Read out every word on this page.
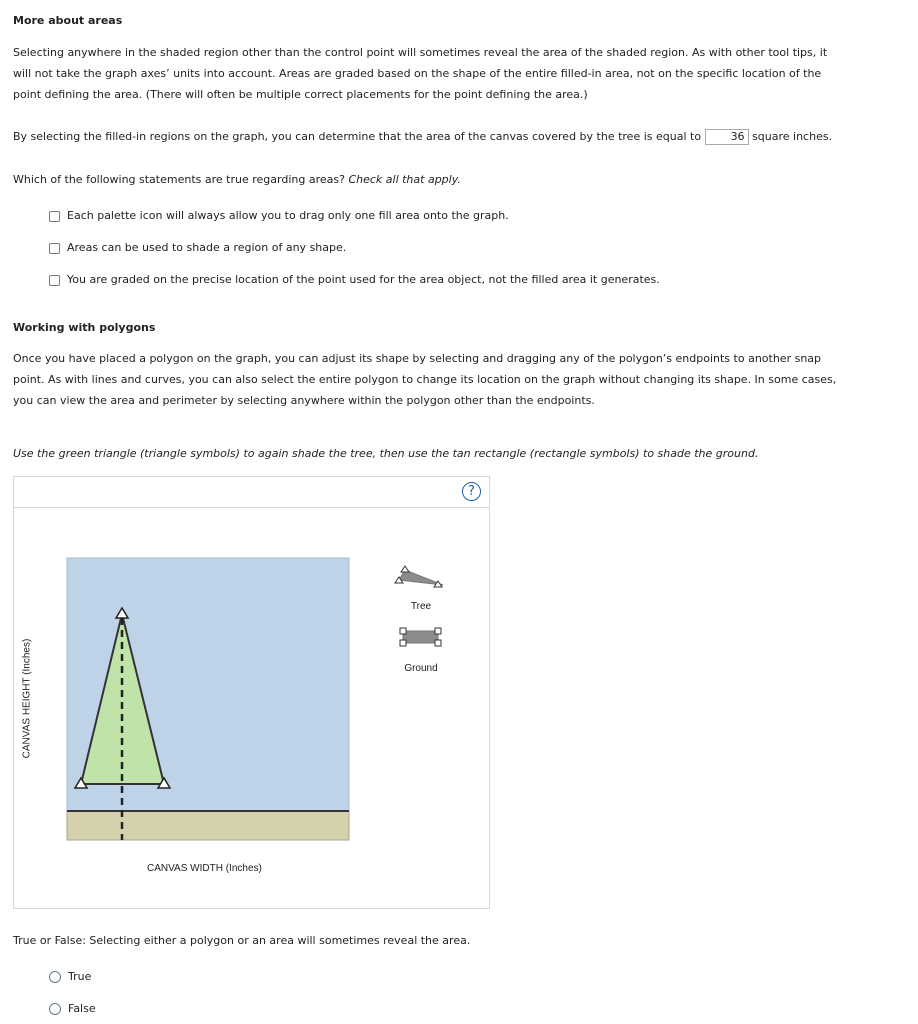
More about areas
Selecting anywhere in the shaded region other than the control point will sometimes reveal the area of the shaded region. As with other tool tips, it
will not take the graph axes’ units into account. Areas are graded based on the shape of the entire filled-in area, not on the specific location of the
point defining the area. (There will often be multiple correct placements for the point defining the area.)
By selecting the filled-in regions on the graph, you can determine that the area of the canvas covered by the tree is equal to	36 square inches.
Which of the following statements are true regarding areas? Check all that apply.
Each palette icon will always allow you to drag only one fill area onto the graph.
Areas can be used to shade a region of any shape.
You are graded on the precise location of the point used for the area object, not the filled area it generates.
Working with polygons
Once you have placed a polygon on the graph, you can adjust its shape by selecting and dragging any of the polygon’s endpoints to another snap
point. As with lines and curves, you can also select the entire polygon to change its location on the graph without changing its shape. In some cases,
you can view the area and perimeter by selecting anywhere within the polygon other than the endpoints.
Use the green triangle (triangle symbols) to again shade the tree, then use the tan rectangle (rectangle symbols) to shade the ground.
?
Tree
Ground
CANVAS HEIGHT (Inches)
CANVAS WIDTH (Inches)
True or False: Selecting either a polygon or an area will sometimes reveal the area.
True
False
